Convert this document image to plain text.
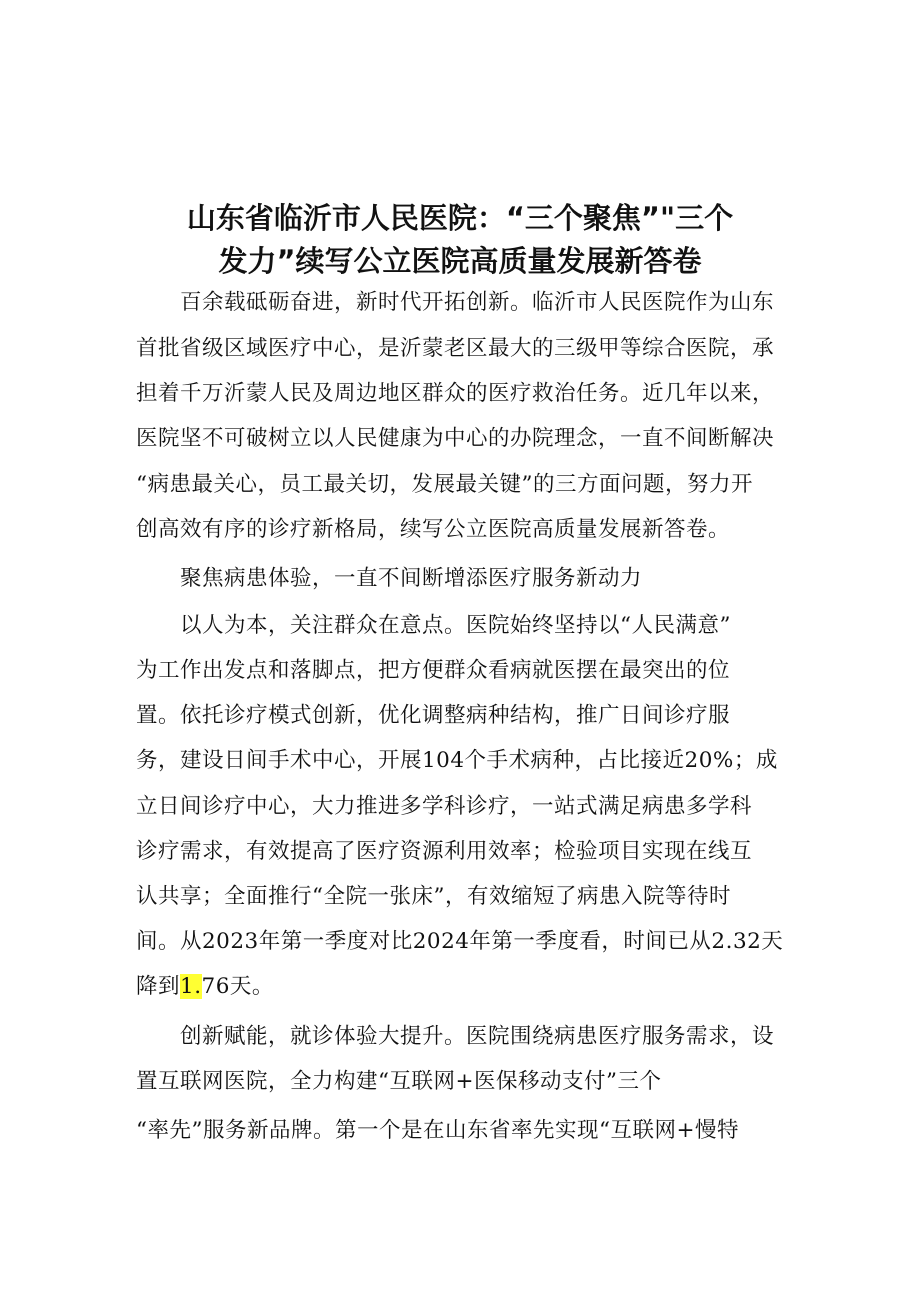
山东省临沂市人民医院：“三个聚焦”"三个
发力”续写公立医院高质量发展新答卷
百余载砥砺奋进，新时代开拓创新。临沂市人民医院作为山东
首批省级区域医疗中心，是沂蒙老区最大的三级甲等综合医院，承
担着千万沂蒙人民及周边地区群众的医疗救治任务。近几年以来，
医院坚不可破树立以人民健康为中心的办院理念，一直不间断解决
“病患最关心，员工最关切，发展最关键”的三方面问题，努力开
创高效有序的诊疗新格局，续写公立医院高质量发展新答卷。
聚焦病患体验，一直不间断增添医疗服务新动力
以人为本，关注群众在意点。医院始终坚持以“人民满意”
为工作出发点和落脚点，把方便群众看病就医摆在最突出的位
置。依托诊疗模式创新，优化调整病种结构，推广日间诊疗服
务，建设日间手术中心，开展104个手术病种，占比接近20%；成
立日间诊疗中心，大力推进多学科诊疗，一站式满足病患多学科
诊疗需求，有效提高了医疗资源利用效率；检验项目实现在线互
认共享；全面推行“全院一张床”，有效缩短了病患入院等待时
间。从2023年第一季度对比2024年第一季度看，时间已从2.32天
降到1.76天。
创新赋能，就诊体验大提升。医院围绕病患医疗服务需求，设
置互联网医院，全力构建“互联网+医保移动支付”三个
“率先”服务新品牌。第一个是在山东省率先实现“互联网+慢特
